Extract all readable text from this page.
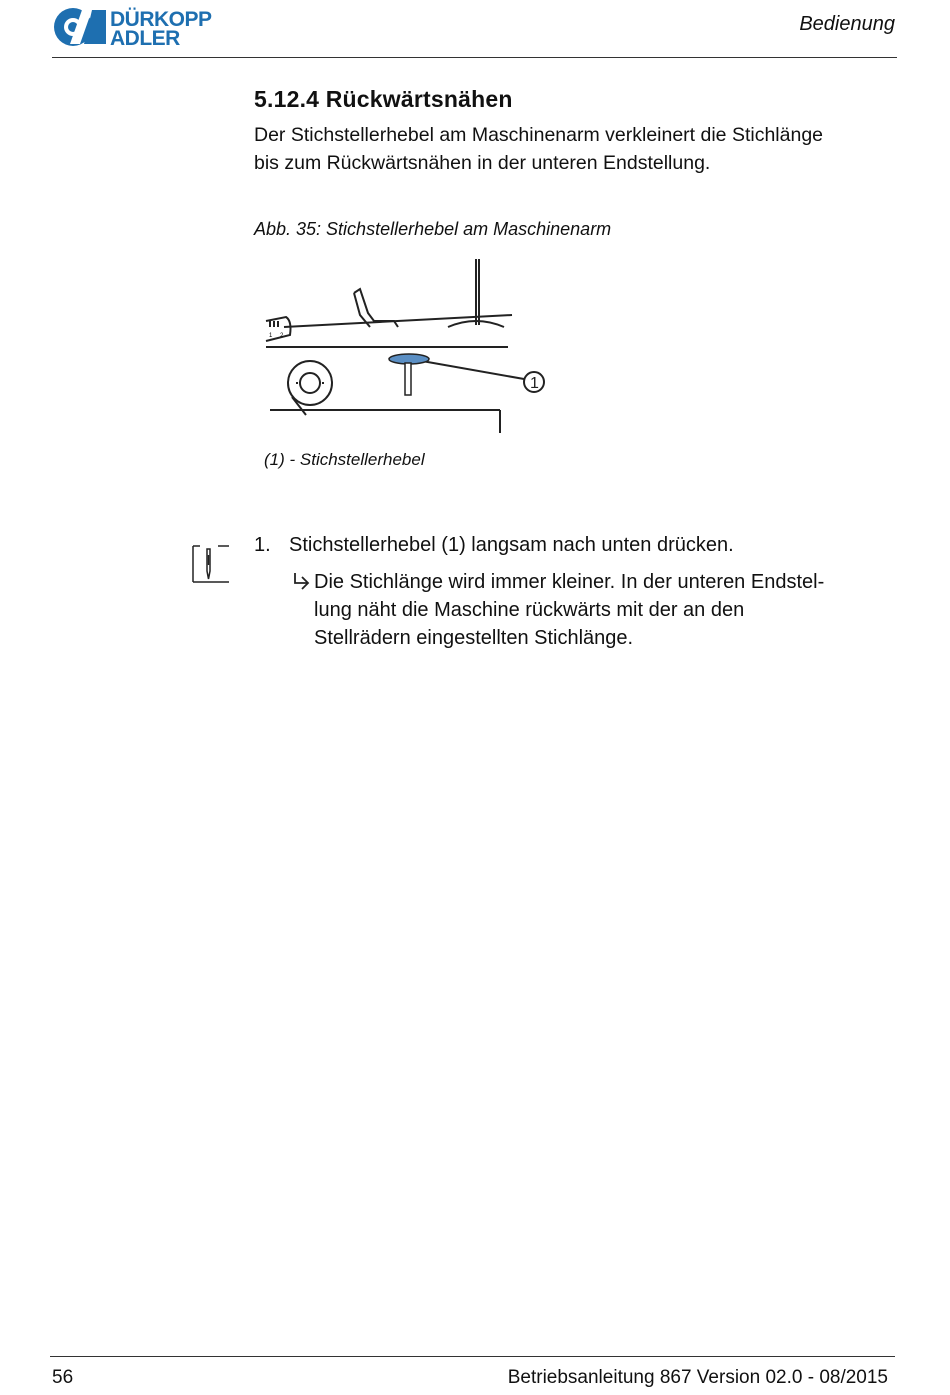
DÜRKOPP
ADLER
Bedienung
5.12.4 Rückwärtsnähen
Der Stichstellerhebel am Maschinenarm verkleinert die Stichlänge
bis zum Rückwärtsnähen in der unteren Endstellung.
Abb. 35: Stichstellerhebel am Maschinenarm
1 2
1
(1) - Stichstellerhebel
1. Stichstellerhebel (1) langsam nach unten drücken.
Die Stichlänge wird immer kleiner. In der unteren Endstel-
lung näht die Maschine rückwärts mit der an den
Stellrädern eingestellten Stichlänge.
56	Betriebsanleitung 867 Version 02.0 - 08/2015
